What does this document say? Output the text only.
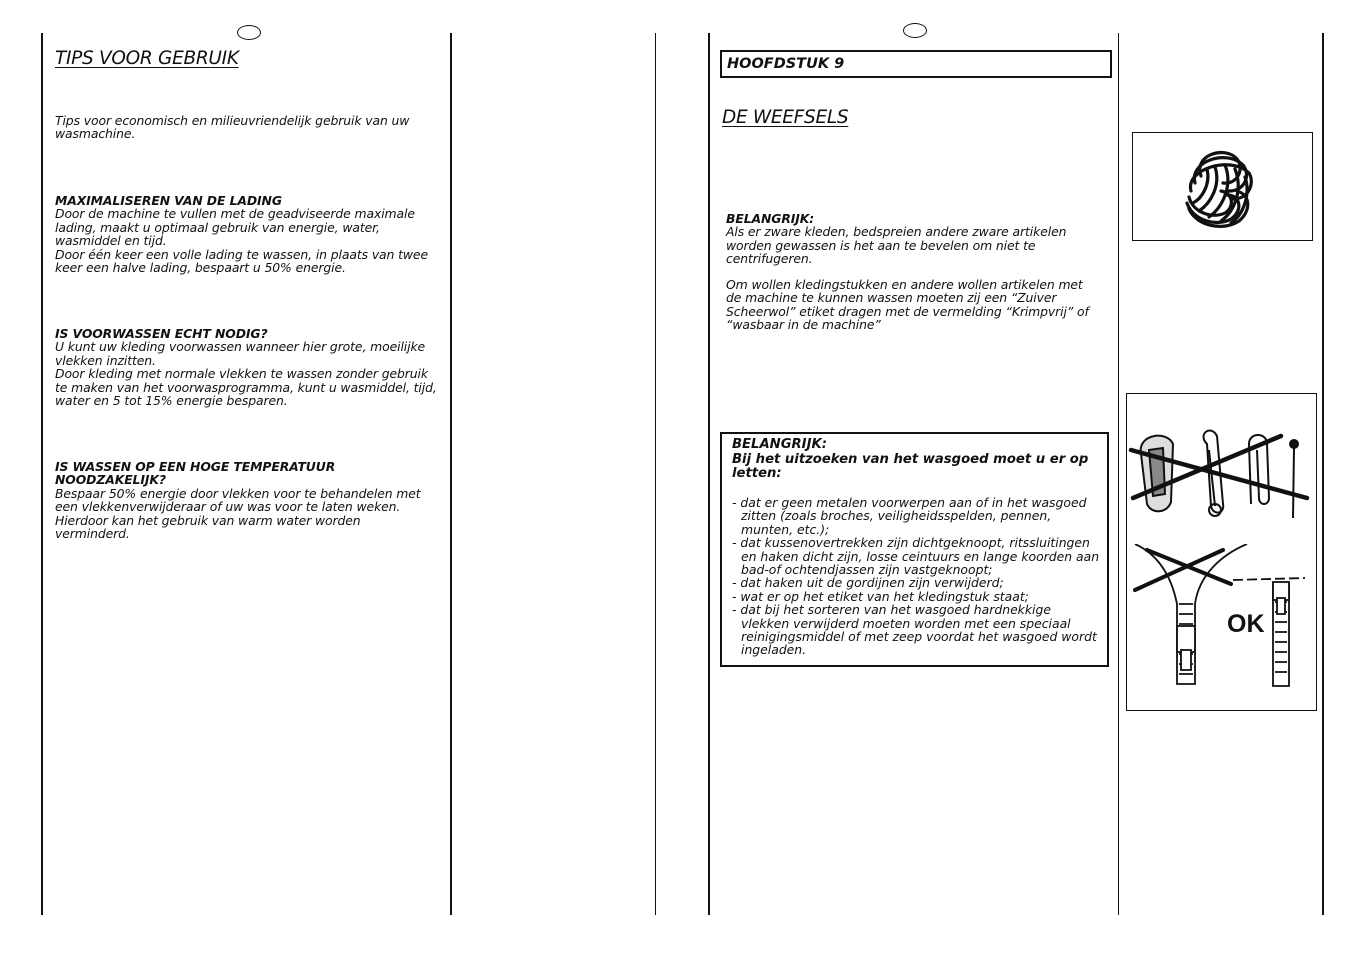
TIPS VOOR GEBRUIK
Tips voor economisch en milieuvriendelijk gebruik van uw wasmachine.
MAXIMALISEREN VAN DE LADING
Door de machine te vullen met de geadviseerde maximale lading, maakt u optimaal gebruik van energie, water, wasmiddel en tijd.
Door één keer een volle lading te wassen, in plaats van twee keer een halve lading, bespaart u 50% energie.
IS VOORWASSEN ECHT NODIG?
U kunt uw kleding voorwassen wanneer hier grote, moeilijke vlekken inzitten.
Door kleding met normale vlekken te wassen zonder gebruik te maken van het voorwasprogramma, kunt u wasmiddel, tijd, water en 5 tot 15% energie besparen.
IS WASSEN OP EEN HOGE TEMPERATUUR NOODZAKELIJK?
Bespaar 50% energie door vlekken voor te behandelen met een vlekkenverwijderaar of uw was voor te laten weken. Hierdoor kan het gebruik van warm water worden verminderd.
HOOFDSTUK 9
DE WEEFSELS
BELANGRIJK:
Als er zware kleden, bedspreien andere zware artikelen worden gewassen is het aan te bevelen om niet te centrifugeren.
Om wollen kledingstukken en andere wollen artikelen met de machine te kunnen wassen moeten zij een “Zuiver Scheerwol” etiket dragen met de vermelding “Krimpvrij” of “wasbaar in de machine”
BELANGRIJK:
Bij het uitzoeken van het wasgoed moet u er op letten:
- dat er geen metalen voorwerpen aan of in het wasgoed zitten (zoals broches, veiligheidsspelden, pennen, munten, etc.);
- dat kussenovertrekken zijn dichtgeknoopt, ritssluitingen en haken dicht zijn, losse ceintuurs en lange koorden aan bad-of ochtendjassen zijn vastgeknoopt;
- dat haken uit de gordijnen zijn verwijderd;
- wat er op het etiket van het kledingstuk staat;
- dat bij het sorteren van het wasgoed hardnekkige vlekken verwijderd moeten worden met een speciaal reinigingsmiddel of met zeep voordat het wasgoed wordt ingeladen.
OK
